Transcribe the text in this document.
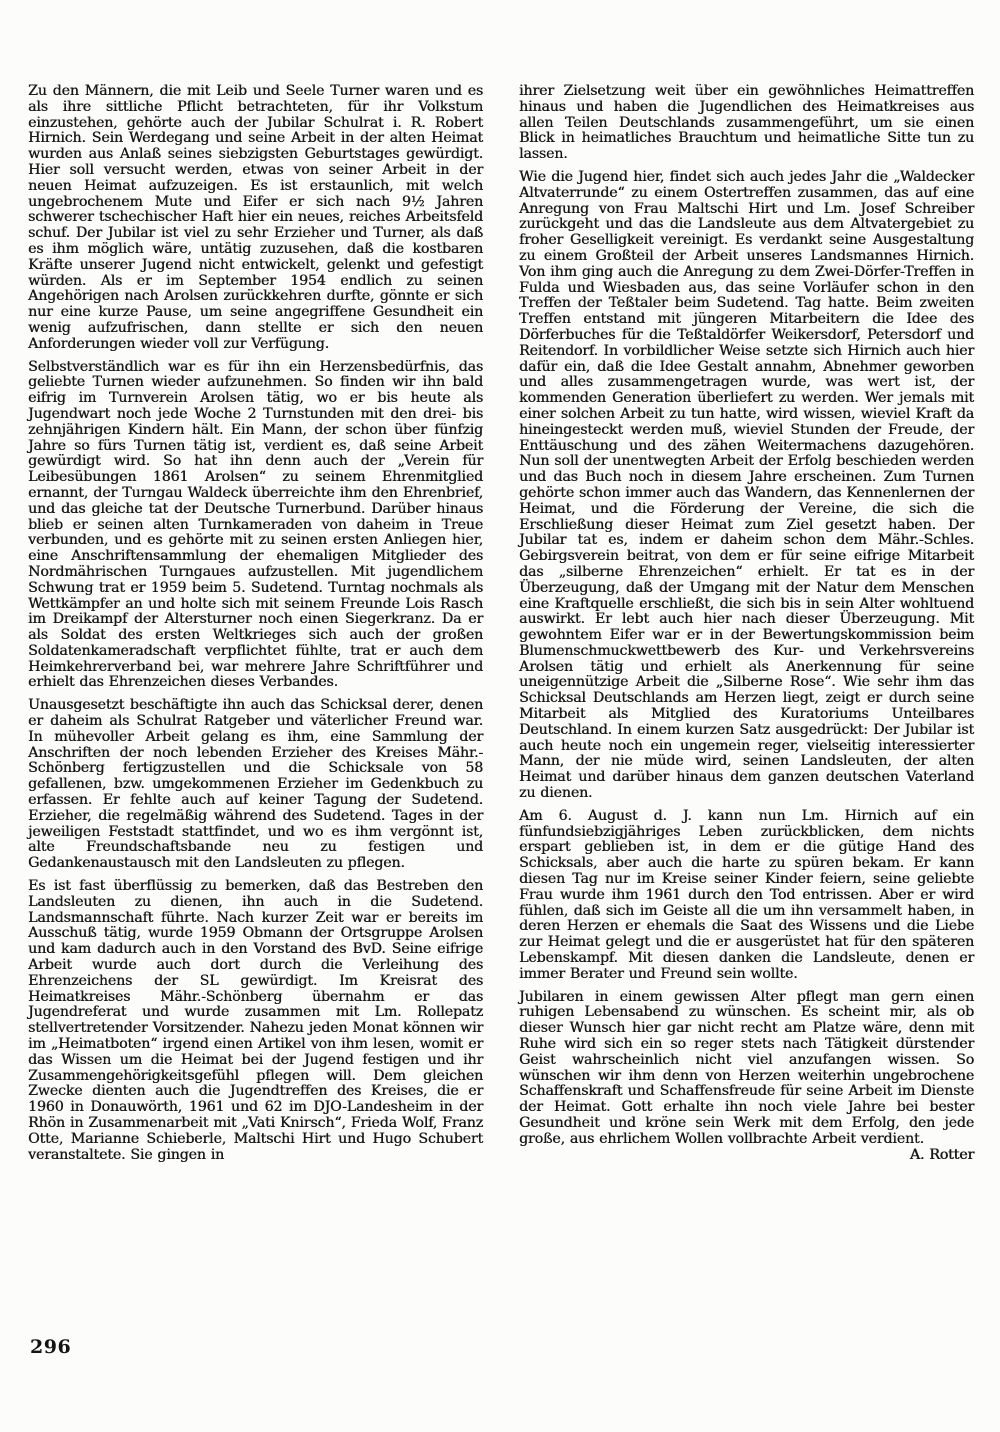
Zu den Männern, die mit Leib und Seele Turner waren und es als ihre sittliche Pflicht betrachteten, für ihr Volkstum einzustehen, gehörte auch der Jubilar Schulrat i. R. Robert Hirnich. Sein Werdegang und seine Arbeit in der alten Heimat wurden aus Anlaß seines siebzigsten Geburtstages gewürdigt. Hier soll versucht werden, etwas von seiner Arbeit in der neuen Heimat aufzuzeigen. Es ist erstaunlich, mit welch ungebrochenem Mute und Eifer er sich nach 9½ Jahren schwerer tschechischer Haft hier ein neues, reiches Arbeitsfeld schuf. Der Jubilar ist viel zu sehr Erzieher und Turner, als daß es ihm möglich wäre, untätig zuzusehen, daß die kostbaren Kräfte unserer Jugend nicht entwickelt, gelenkt und gefestigt würden. Als er im September 1954 endlich zu seinen Angehörigen nach Arolsen zurückkehren durfte, gönnte er sich nur eine kurze Pause, um seine angegriffene Gesundheit ein wenig aufzufrischen, dann stellte er sich den neuen Anforderungen wieder voll zur Verfügung.

Selbstverständlich war es für ihn ein Herzensbedürfnis, das geliebte Turnen wieder aufzunehmen. So finden wir ihn bald eifrig im Turnverein Arolsen tätig, wo er bis heute als Jugendwart noch jede Woche 2 Turnstunden mit den drei- bis zehnjährigen Kindern hält. Ein Mann, der schon über fünfzig Jahre so fürs Turnen tätig ist, verdient es, daß seine Arbeit gewürdigt wird. So hat ihn denn auch der „Verein für Leibesübungen 1861 Arolsen“ zu seinem Ehrenmitglied ernannt, der Turngau Waldeck überreichte ihm den Ehrenbrief, und das gleiche tat der Deutsche Turnerbund. Darüber hinaus blieb er seinen alten Turnkameraden von daheim in Treue verbunden, und es gehörte mit zu seinen ersten Anliegen hier, eine Anschriftensammlung der ehemaligen Mitglieder des Nordmährischen Turngaues aufzustellen. Mit jugendlichem Schwung trat er 1959 beim 5. Sudetend. Turntag nochmals als Wettkämpfer an und holte sich mit seinem Freunde Lois Rasch im Dreikampf der Altersturner noch einen Siegerkranz. Da er als Soldat des ersten Weltkrieges sich auch der großen Soldatenkameradschaft verpflichtet fühlte, trat er auch dem Heimkehrerverband bei, war mehrere Jahre Schriftführer und erhielt das Ehrenzeichen dieses Verbandes.

Unausgesetzt beschäftigte ihn auch das Schicksal derer, denen er daheim als Schulrat Ratgeber und väterlicher Freund war. In mühevoller Arbeit gelang es ihm, eine Sammlung der Anschriften der noch lebenden Erzieher des Kreises Mähr.-Schönberg fertigzustellen und die Schicksale von 58 gefallenen, bzw. umgekommenen Erzieher im Gedenkbuch zu erfassen. Er fehlte auch auf keiner Tagung der Sudetend. Erzieher, die regelmäßig während des Sudetend. Tages in der jeweiligen Feststadt stattfindet, und wo es ihm vergönnt ist, alte Freundschaftsbande neu zu festigen und Gedankenaustausch mit den Landsleuten zu pflegen.

Es ist fast überflüssig zu bemerken, daß das Bestreben den Landsleuten zu dienen, ihn auch in die Sudetend. Landsmannschaft führte. Nach kurzer Zeit war er bereits im Ausschuß tätig, wurde 1959 Obmann der Ortsgruppe Arolsen und kam dadurch auch in den Vorstand des BvD. Seine eifrige Arbeit wurde auch dort durch die Verleihung des Ehrenzeichens der SL gewürdigt. Im Kreisrat des Heimatkreises Mähr.-Schönberg übernahm er das Jugendreferat und wurde zusammen mit Lm. Rollepatz stellvertretender Vorsitzender. Nahezu jeden Monat können wir im „Heimatboten“ irgend einen Artikel von ihm lesen, womit er das Wissen um die Heimat bei der Jugend festigen und ihr Zusammengehörigkeitsgefühl pflegen will. Dem gleichen Zwecke dienten auch die Jugendtreffen des Kreises, die er 1960 in Donauwörth, 1961 und 62 im DJO-Landesheim in der Rhön in Zusammenarbeit mit „Vati Knirsch“, Frieda Wolf, Franz Otte, Marianne Schieberle, Maltschi Hirt und Hugo Schubert veranstaltete. Sie gingen in

ihrer Zielsetzung weit über ein gewöhnliches Heimattreffen hinaus und haben die Jugendlichen des Heimatkreises aus allen Teilen Deutschlands zusammengeführt, um sie einen Blick in heimatliches Brauchtum und heimatliche Sitte tun zu lassen.

Wie die Jugend hier, findet sich auch jedes Jahr die „Waldecker Altvaterrunde“ zu einem Ostertreffen zusammen, das auf eine Anregung von Frau Maltschi Hirt und Lm. Josef Schreiber zurückgeht und das die Landsleute aus dem Altvatergebiet zu froher Geselligkeit vereinigt. Es verdankt seine Ausgestaltung zu einem Großteil der Arbeit unseres Landsmannes Hirnich. Von ihm ging auch die Anregung zu dem Zwei-Dörfer-Treffen in Fulda und Wiesbaden aus, das seine Vorläufer schon in den Treffen der Teßtaler beim Sudetend. Tag hatte. Beim zweiten Treffen entstand mit jüngeren Mitarbeitern die Idee des Dörferbuches für die Teßtaldörfer Weikersdorf, Petersdorf und Reitendorf. In vorbildlicher Weise setzte sich Hirnich auch hier dafür ein, daß die Idee Gestalt annahm, Abnehmer geworben und alles zusammengetragen wurde, was wert ist, der kommenden Generation überliefert zu werden. Wer jemals mit einer solchen Arbeit zu tun hatte, wird wissen, wieviel Kraft da hineingesteckt werden muß, wieviel Stunden der Freude, der Enttäuschung und des zähen Weitermachens dazugehören. Nun soll der unentwegten Arbeit der Erfolg beschieden werden und das Buch noch in diesem Jahre erscheinen. Zum Turnen gehörte schon immer auch das Wandern, das Kennenlernen der Heimat, und die Förderung der Vereine, die sich die Erschließung dieser Heimat zum Ziel gesetzt haben. Der Jubilar tat es, indem er daheim schon dem Mähr.-Schles. Gebirgsverein beitrat, von dem er für seine eifrige Mitarbeit das „silberne Ehrenzeichen“ erhielt. Er tat es in der Überzeugung, daß der Umgang mit der Natur dem Menschen eine Kraftquelle erschließt, die sich bis in sein Alter wohltuend auswirkt. Er lebt auch hier nach dieser Überzeugung. Mit gewohntem Eifer war er in der Bewertungskommission beim Blumenschmuckwettbewerb des Kur- und Verkehrsvereins Arolsen tätig und erhielt als Anerkennung für seine uneigennützige Arbeit die „Silberne Rose“. Wie sehr ihm das Schicksal Deutschlands am Herzen liegt, zeigt er durch seine Mitarbeit als Mitglied des Kuratoriums Unteilbares Deutschland. In einem kurzen Satz ausgedrückt: Der Jubilar ist auch heute noch ein ungemein reger, vielseitig interessierter Mann, der nie müde wird, seinen Landsleuten, der alten Heimat und darüber hinaus dem ganzen deutschen Vaterland zu dienen.

Am 6. August d. J. kann nun Lm. Hirnich auf ein fünfundsiebzigjähriges Leben zurückblicken, dem nichts erspart geblieben ist, in dem er die gütige Hand des Schicksals, aber auch die harte zu spüren bekam. Er kann diesen Tag nur im Kreise seiner Kinder feiern, seine geliebte Frau wurde ihm 1961 durch den Tod entrissen. Aber er wird fühlen, daß sich im Geiste all die um ihn versammelt haben, in deren Herzen er ehemals die Saat des Wissens und die Liebe zur Heimat gelegt und die er ausgerüstet hat für den späteren Lebenskampf. Mit diesen danken die Landsleute, denen er immer Berater und Freund sein wollte.

Jubilaren in einem gewissen Alter pflegt man gern einen ruhigen Lebensabend zu wünschen. Es scheint mir, als ob dieser Wunsch hier gar nicht recht am Platze wäre, denn mit Ruhe wird sich ein so reger stets nach Tätigkeit dürstender Geist wahrscheinlich nicht viel anzufangen wissen. So wünschen wir ihm denn von Herzen weiterhin ungebrochene Schaffenskraft und Schaffensfreude für seine Arbeit im Dienste der Heimat. Gott erhalte ihn noch viele Jahre bei bester Gesundheit und kröne sein Werk mit dem Erfolg, den jede große, aus ehrlichem Wollen vollbrachte Arbeit verdient.
A. Rotter

296
